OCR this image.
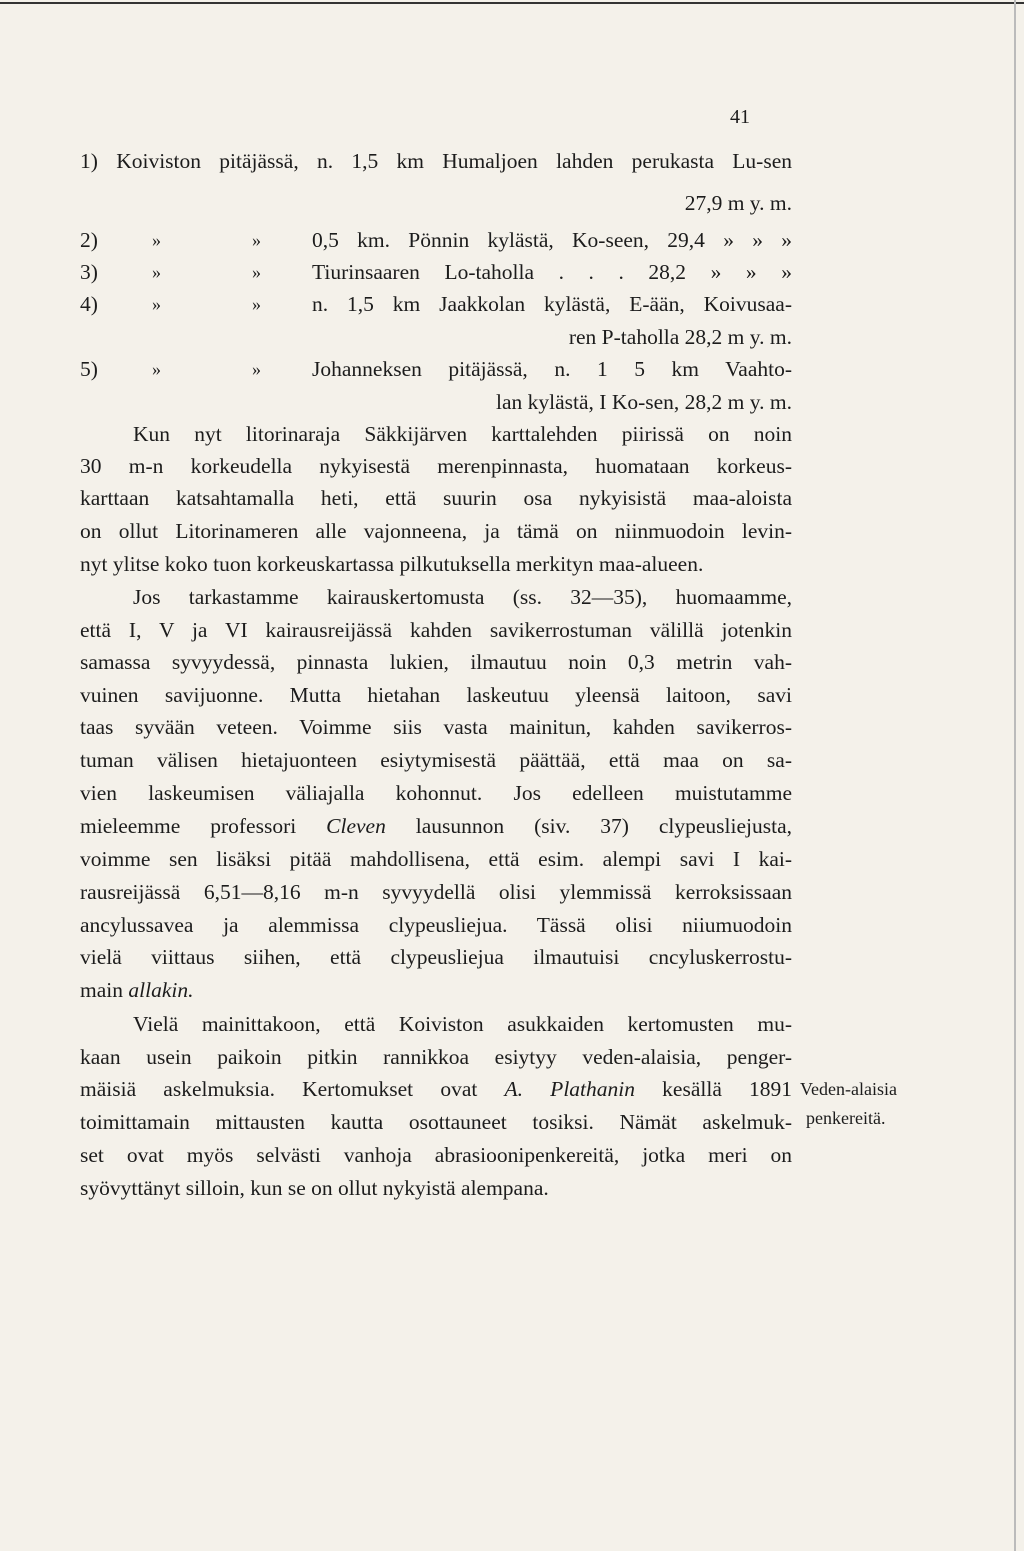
41
1) Koiviston pitäjässä, n. 1,5 km Humaljoen lahden perukasta Lu-sen
27,9 m y. m.
2)	»	» 0,5 km. Pönnin kylästä, Ko-seen, 29,4 » » »
3)	»	» Tiurinsaaren Lo-taholla . . . 28,2 » » »
4)	»	» n. 1,5 km Jaakkolan kylästä, E-ään, Koivusaa-
ren P-taholla 28,2 m y. m.
5)	»	» Johanneksen pitäjässä, n. 1 5 km Vaahto-
lan kylästä, I Ko-sen, 28,2 m y. m.
Kun nyt litorinaraja Säkkijärven karttalehden piirissä on noin
30 m-n korkeudella nykyisestä merenpinnasta, huomataan korkeus-
karttaan katsahtamalla heti, että suurin osa nykyisistä maa-aloista
on ollut Litorinameren alle vajonneena, ja tämä on niinmuodoin levin-
nyt ylitse koko tuon korkeuskartassa pilkutuksella merkityn maa-alueen.
Jos tarkastamme kairauskertomusta (ss. 32—35), huomaamme,
että I, V ja VI kairausreijässä kahden savikerrostuman välillä jotenkin
samassa syvyydessä, pinnasta lukien, ilmautuu noin 0,3 metrin vah-
vuinen savijuonne. Mutta hietahan laskeutuu yleensä laitoon, savi
taas syvään veteen. Voimme siis vasta mainitun, kahden savikerros-
tuman välisen hietajuonteen esiytymisestä päättää, että maa on sa-
vien laskeumisen väliajalla kohonnut. Jos edelleen muistutamme
mieleemme professori Cleven lausunnon (siv. 37) clypeusliejusta,
voimme sen lisäksi pitää mahdollisena, että esim. alempi savi I kai-
rausreijässä 6,51—8,16 m-n syvyydellä olisi ylemmissä kerroksissaan
ancylussavea ja alemmissa clypeusliejua. Tässä olisi niiumuodoin
vielä viittaus siihen, että clypeusliejua ilmautuisi cncyluskerrostu-
main allakin.
Vielä mainittakoon, että Koiviston asukkaiden kertomusten mu-
kaan usein paikoin pitkin rannikkoa esiytyy veden-alaisia, penger-
mäisiä askelmuksia. Kertomukset ovat A. Plathanin kesällä 1891
toimittamain mittausten kautta osottauneet tosiksi. Nämät askelmuk-
set ovat myös selvästi vanhoja abrasioonipenkereitä, jotka meri on
syövyttänyt silloin, kun se on ollut nykyistä alempana.
Veden-alaisia
penkereitä.
